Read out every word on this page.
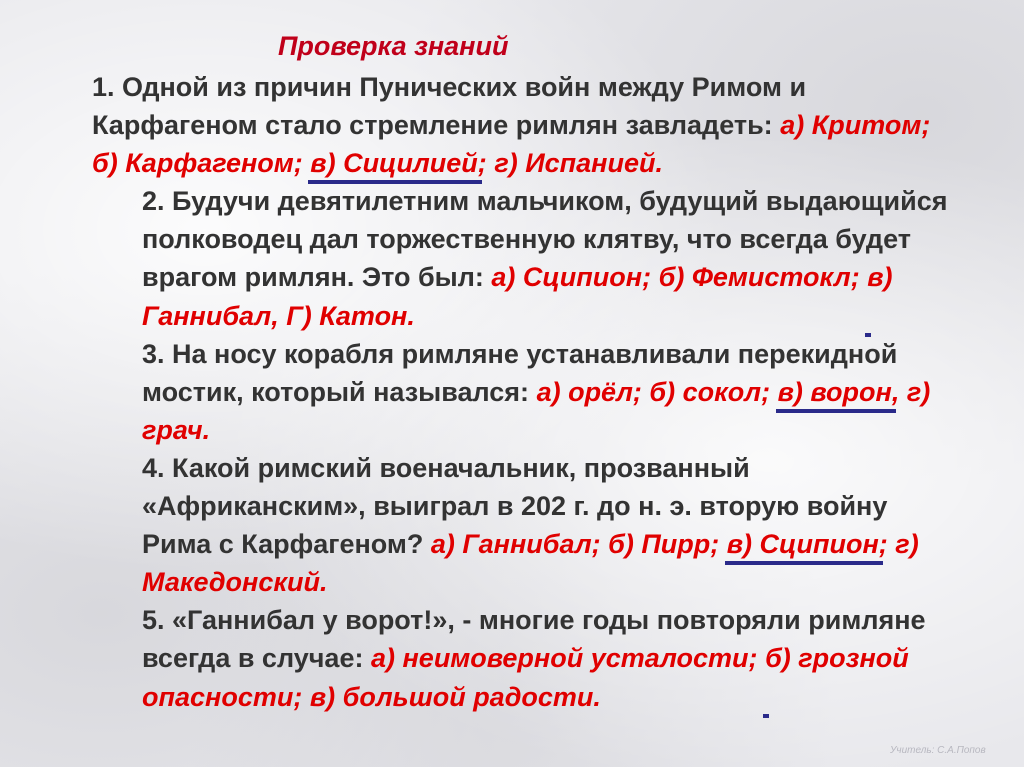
Проверка знаний

1. Одной из причин Пунических войн между Римом и Карфагеном стало стремление римлян завладеть: а) Критом; б) Карфагеном; в) Сицилией; г) Испанией.

2. Будучи девятилетним мальчиком, будущий выдающийся полководец дал торжественную клятву, что всегда будет врагом римлян. Это был: а) Сципион; б) Фемистокл; в) Ганнибал, Г) Катон.

3. На носу корабля римляне устанавливали перекидной мостик, который назывался: а) орёл; б) сокол; в) ворон, г) грач.

4. Какой римский военачальник, прозванный «Африканским», выиграл в 202 г. до н. э. вторую войну Рима с Карфагеном? а) Ганнибал; б) Пирр; в) Сципион; г) Македонский.

5. «Ганнибал у ворот!», - многие годы повторяли римляне всегда в случае: а) неимоверной усталости; б) грозной опасности; в) большой радости.

Учитель: С.А.Попов
